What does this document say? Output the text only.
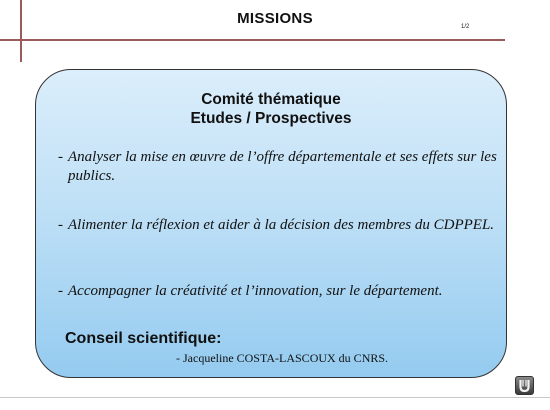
MISSIONS	1/2
Comité thématique
Etudes / Prospectives
- Analyser la mise en œuvre de l’offre départementale et ses effets sur les publics.
- Alimenter la réflexion et aider à la décision des membres du CDPPEL.
- Accompagner la créativité et l’innovation, sur le département.
Conseil scientifique:
- Jacqueline COSTA-LASCOUX du CNRS.
